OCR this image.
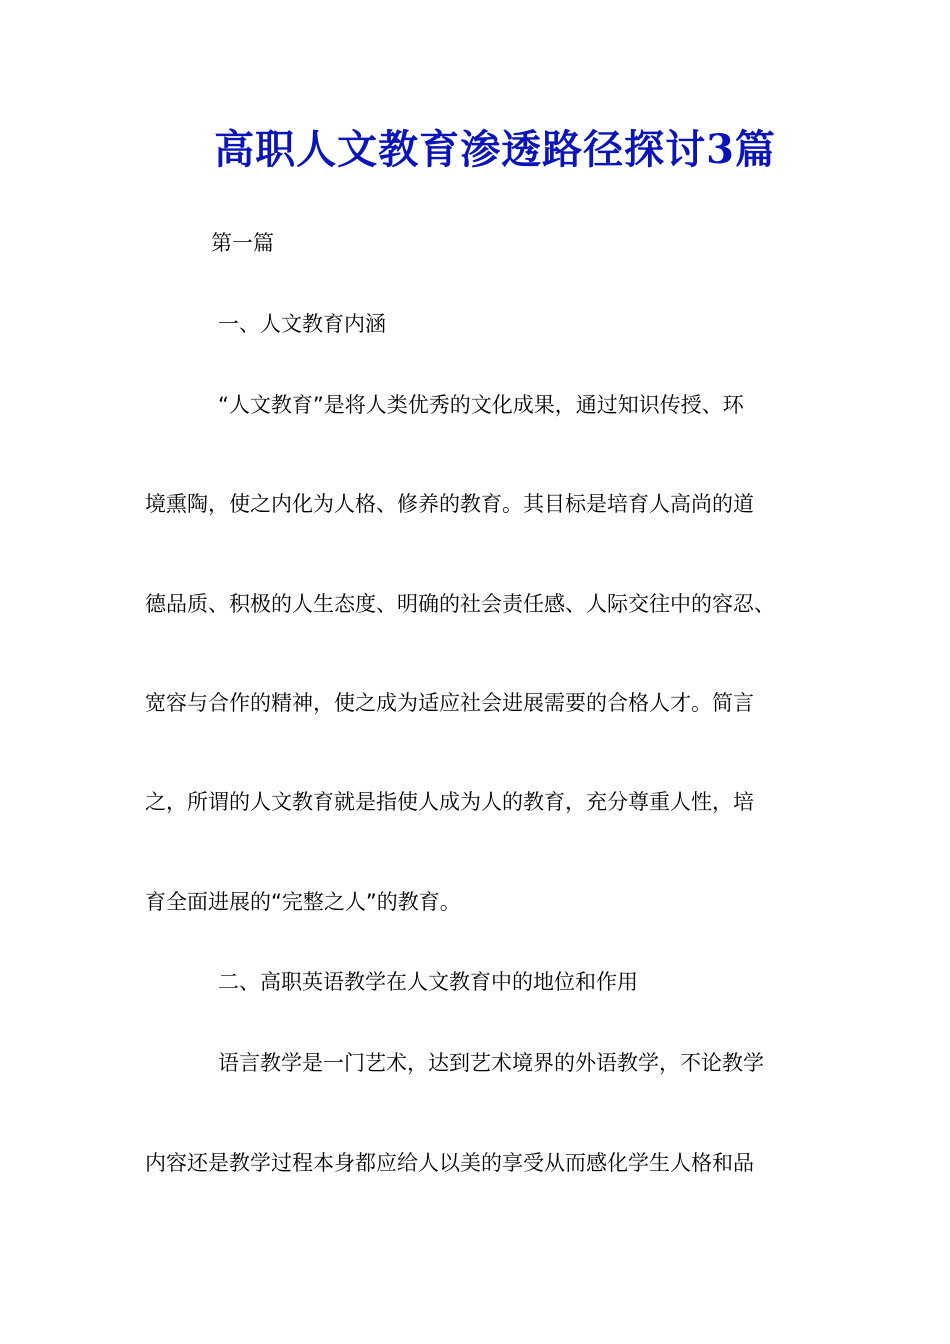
高职人文教育渗透路径探讨3篇
第一篇
一、人文教育内涵
“人文教育”是将人类优秀的文化成果，通过知识传授、环
境熏陶，使之内化为人格、修养的教育。其目标是培育人高尚的道
德品质、积极的人生态度、明确的社会责任感、人际交往中的容忍、
宽容与合作的精神，使之成为适应社会进展需要的合格人才。简言
之，所谓的人文教育就是指使人成为人的教育，充分尊重人性，培
育全面进展的“完整之人”的教育。
二、高职英语教学在人文教育中的地位和作用
语言教学是一门艺术，达到艺术境界的外语教学，不论教学
内容还是教学过程本身都应给人以美的享受从而感化学生人格和品
